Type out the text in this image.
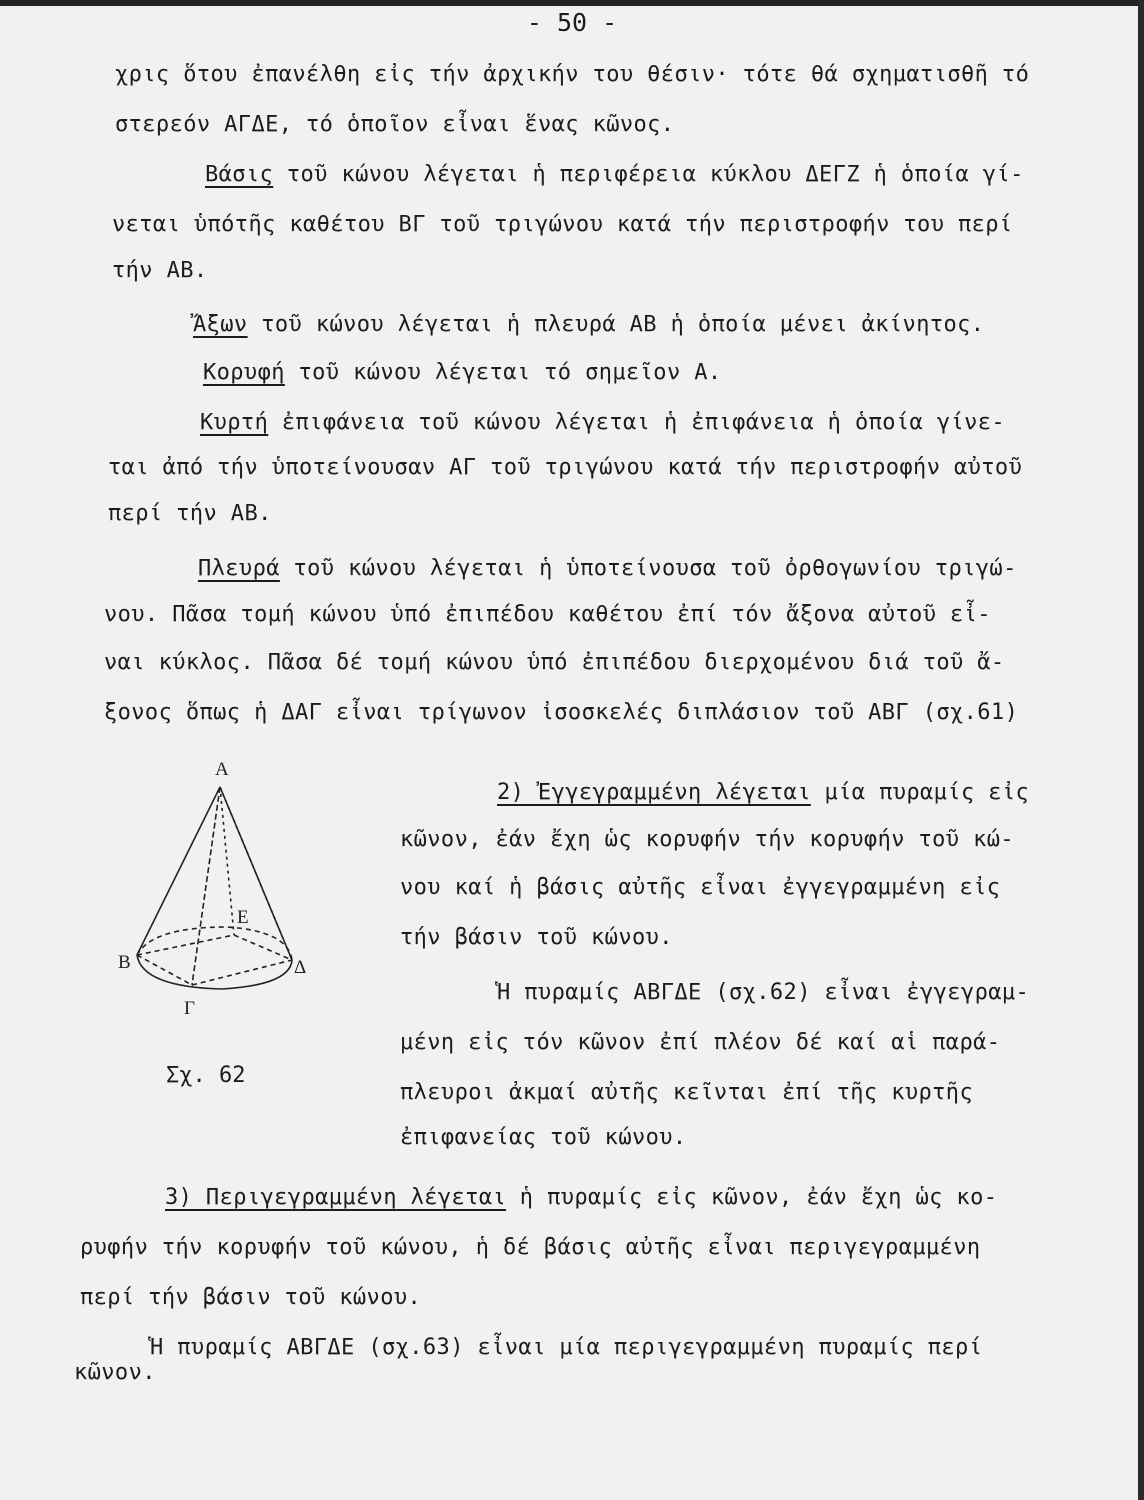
- 50 -
χρις ὅτου ἐπανέλθη εἰς τήν ἀρχικήν του θέσιν· τότε θά σχηματισθῆ τό
στερεόν ΑΓΔΕ, τό ὁποῖον εἶναι ἕνας κῶνος.
Βάσις τοῦ κώνου λέγεται ἡ περιφέρεια κύκλου ΔΕΓΖ ἡ ὁποία γί-
νεται ὑπότῆς καθέτου ΒΓ τοῦ τριγώνου κατά τήν περιστροφήν του περί
τήν ΑΒ.
Ἄξων τοῦ κώνου λέγεται ἡ πλευρά ΑΒ ἡ ὁποία μένει ἀκίνητος.
Κορυφή τοῦ κώνου λέγεται τό σημεῖον Α.
Κυρτή ἐπιφάνεια τοῦ κώνου λέγεται ἡ ἐπιφάνεια ἡ ὁποία γίνε-
ται ἀπό τήν ὑποτείνουσαν ΑΓ τοῦ τριγώνου κατά τήν περιστροφήν αὐτοῦ
περί τήν ΑΒ.
Πλευρά τοῦ κώνου λέγεται ἡ ὑποτείνουσα τοῦ ὀρθογωνίου τριγώ-
νου. Πᾶσα τομή κώνου ὑπό ἐπιπέδου καθέτου ἐπί τόν ἄξονα αὐτοῦ εἶ-
ναι κύκλος. Πᾶσα δέ τομή κώνου ὑπό ἐπιπέδου διερχομένου διά τοῦ ἄ-
ξονος ὅπως ἡ ΔΑΓ εἶναι τρίγωνον ἰσοσκελές διπλάσιον τοῦ ΑΒΓ (σχ.61)
2) Ἐγγεγραμμένη λέγεται μία πυραμίς εἰς
κῶνον, ἐάν ἔχη ὡς κορυφήν τήν κορυφήν τοῦ κώ-
νου καί ἡ βάσις αὐτῆς εἶναι ἐγγεγραμμένη εἰς
τήν βάσιν τοῦ κώνου.
Ἡ πυραμίς ΑΒΓΔΕ (σχ.62) εἶναι ἐγγεγραμ-
μένη εἰς τόν κῶνον ἐπί πλέον δέ καί αἱ παρά-
πλευροι ἀκμαί αὐτῆς κεῖνται ἐπί τῆς κυρτῆς
ἐπιφανείας τοῦ κώνου.
3) Περιγεγραμμένη λέγεται ἡ πυραμίς εἰς κῶνον, ἐάν ἔχη ὡς κο-
ρυφήν τήν κορυφήν τοῦ κώνου, ἡ δέ βάσις αὐτῆς εἶναι περιγεγραμμένη
περί τήν βάσιν τοῦ κώνου.
Ἡ πυραμίς ΑΒΓΔΕ (σχ.63) εἶναι μία περιγεγραμμένη πυραμίς περί
κῶνον.
Α
Β
Γ
Δ
Ε
Σχ. 62
